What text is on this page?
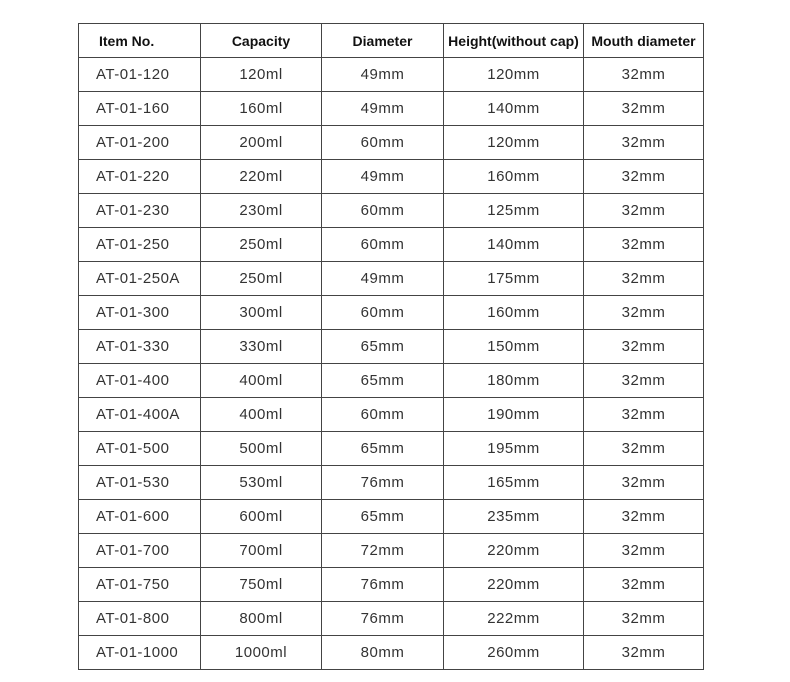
Item No.	Capacity	Diameter	Height(without cap)	Mouth diameter
AT-01-120	120ml	49mm	120mm	32mm
AT-01-160	160ml	49mm	140mm	32mm
AT-01-200	200ml	60mm	120mm	32mm
AT-01-220	220ml	49mm	160mm	32mm
AT-01-230	230ml	60mm	125mm	32mm
AT-01-250	250ml	60mm	140mm	32mm
AT-01-250A	250ml	49mm	175mm	32mm
AT-01-300	300ml	60mm	160mm	32mm
AT-01-330	330ml	65mm	150mm	32mm
AT-01-400	400ml	65mm	180mm	32mm
AT-01-400A	400ml	60mm	190mm	32mm
AT-01-500	500ml	65mm	195mm	32mm
AT-01-530	530ml	76mm	165mm	32mm
AT-01-600	600ml	65mm	235mm	32mm
AT-01-700	700ml	72mm	220mm	32mm
AT-01-750	750ml	76mm	220mm	32mm
AT-01-800	800ml	76mm	222mm	32mm
AT-01-1000	1000ml	80mm	260mm	32mm
